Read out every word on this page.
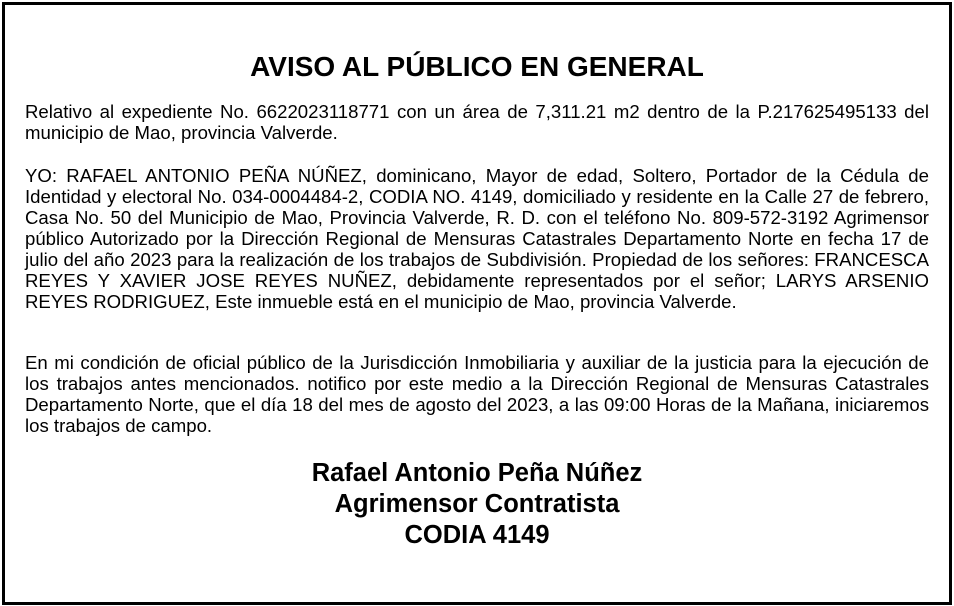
AVISO AL PÚBLICO EN GENERAL

Relativo al expediente No. 6622023118771 con un área de 7,311.21 m2 dentro de la P.217625495133 del municipio de Mao, provincia Valverde.

YO: RAFAEL ANTONIO PEÑA NÚÑEZ, dominicano, Mayor de edad, Soltero, Portador de la Cédula de Identidad y electoral No. 034-0004484-2, CODIA NO. 4149, domiciliado y residente en la Calle 27 de febrero, Casa No. 50 del Municipio de Mao, Provincia Valverde, R. D. con el teléfono No. 809-572-3192 Agrimensor público Autorizado por la Dirección Regional de Mensuras Catastrales Departamento Norte en fecha 17 de julio del año 2023 para la realización de los trabajos de Subdivisión. Propiedad de los señores: FRANCESCA REYES Y XAVIER JOSE REYES NUÑEZ, debidamente representados por el señor; LARYS ARSENIO REYES RODRIGUEZ, Este inmueble está en el municipio de Mao, provincia Valverde.

En mi condición de oficial público de la Jurisdicción Inmobiliaria y auxiliar de la justicia para la ejecución de los trabajos antes mencionados. notifico por este medio a la Dirección Regional de Mensuras Catastrales Departamento Norte, que el día 18 del mes de agosto del 2023, a las 09:00 Horas de la Mañana, iniciaremos los trabajos de campo.

Rafael Antonio Peña Núñez
Agrimensor Contratista
CODIA 4149
